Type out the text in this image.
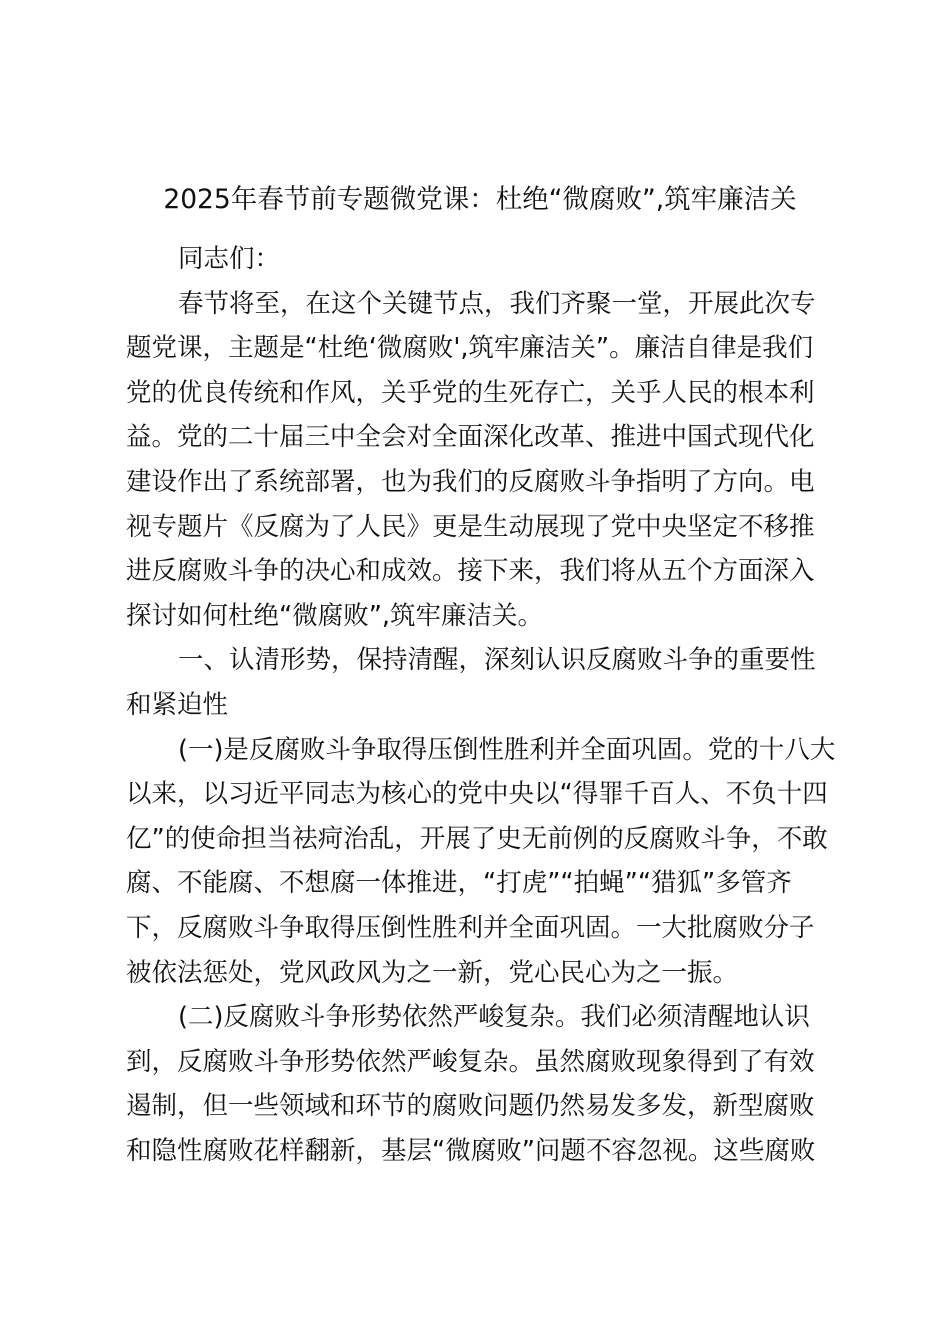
2025年春节前专题微党课：杜绝“微腐败”,筑牢廉洁关
同志们：
春节将至，在这个关键节点，我们齐聚一堂，开展此次专
题党课，主题是“杜绝‘微腐败',筑牢廉洁关”。廉洁自律是我们
党的优良传统和作风，关乎党的生死存亡，关乎人民的根本利
益。党的二十届三中全会对全面深化改革、推进中国式现代化
建设作出了系统部署，也为我们的反腐败斗争指明了方向。电
视专题片《反腐为了人民》更是生动展现了党中央坚定不移推
进反腐败斗争的决心和成效。接下来，我们将从五个方面深入
探讨如何杜绝“微腐败”,筑牢廉洁关。
一、认清形势，保持清醒，深刻认识反腐败斗争的重要性
和紧迫性
(一)是反腐败斗争取得压倒性胜利并全面巩固。党的十八大
以来，以习近平同志为核心的党中央以“得罪千百人、不负十四
亿”的使命担当祛疴治乱，开展了史无前例的反腐败斗争，不敢
腐、不能腐、不想腐一体推进，“打虎”“拍蝇”“猎狐”多管齐
下，反腐败斗争取得压倒性胜利并全面巩固。一大批腐败分子
被依法惩处，党风政风为之一新，党心民心为之一振。
(二)反腐败斗争形势依然严峻复杂。我们必须清醒地认识
到，反腐败斗争形势依然严峻复杂。虽然腐败现象得到了有效
遏制，但一些领域和环节的腐败问题仍然易发多发，新型腐败
和隐性腐败花样翻新，基层“微腐败”问题不容忽视。这些腐败
